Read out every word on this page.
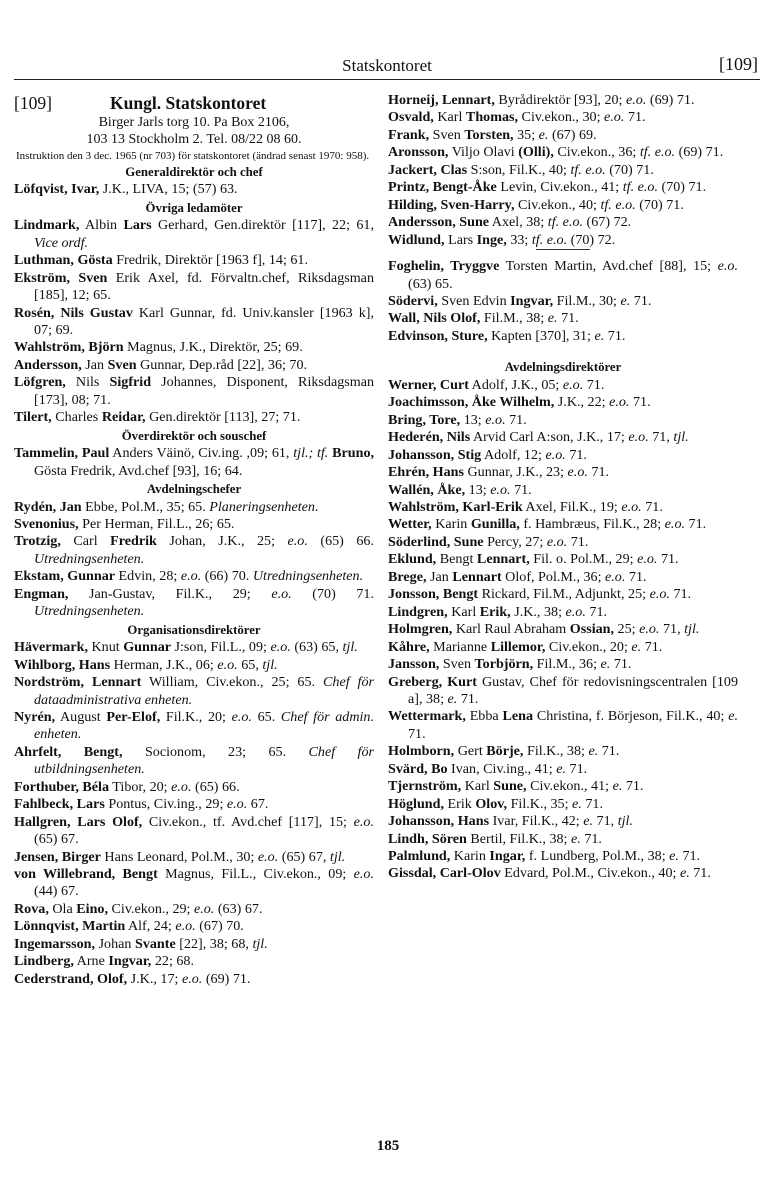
Statskontoret	[109]

[109]	Kungl. Statskontoret

Birger Jarls torg 10. Pa Box 2106,

103 13 Stockholm 2. Tel. 08/22 08 60.

Instruktion den 3 dec. 1965 (nr 703) för statskontoret (ändrad senast 1970: 958).

Generaldirektör och chef

Löfqvist, Ivar, J.K., LIVA, 15; (57) 63.

Övriga ledamöter

Lindmark, Albin Lars Gerhard, Gen.direktör [117], 22; 61, Vice ordf.

Luthman, Gösta Fredrik, Direktör [1963 f], 14; 61.

Ekström, Sven Erik Axel, fd. Förvaltn.chef, Riksdagsman [185], 12; 65.

Rosén, Nils Gustav Karl Gunnar, fd. Univ.kansler [1963 k], 07; 69.

Wahlström, Björn Magnus, J.K., Direktör, 25; 69.

Andersson, Jan Sven Gunnar, Dep.råd [22], 36; 70.

Löfgren, Nils Sigfrid Johannes, Disponent, Riksdagsman [173], 08; 71.

Tilert, Charles Reidar, Gen.direktör [113], 27; 71.

Överdirektör och souschef

Tammelin, Paul Anders Väinö, Civ.ing. ,09; 61, tjl.; tf. Bruno, Gösta Fredrik, Avd.chef [93], 16; 64.

Avdelningschefer

Rydén, Jan Ebbe, Pol.M., 35; 65. Planeringsenheten.

Svenonius, Per Herman, Fil.L., 26; 65.

Trotzig, Carl Fredrik Johan, J.K., 25; e.o. (65) 66. Utredningsenheten.

Ekstam, Gunnar Edvin, 28; e.o. (66) 70. Utredningsenheten.

Engman, Jan-Gustav, Fil.K., 29; e.o. (70) 71. Utredningsenheten.

Organisationsdirektörer

Hävermark, Knut Gunnar J:son, Fil.L., 09; e.o. (63) 65, tjl.

Wihlborg, Hans Herman, J.K., 06; e.o. 65, tjl.

Nordström, Lennart William, Civ.ekon., 25; 65. Chef för dataadministrativa enheten.

Nyrén, August Per-Elof, Fil.K., 20; e.o. 65. Chef för admin. enheten.

Ahrfelt, Bengt, Socionom, 23; 65. Chef för utbildningsenheten.

Forthuber, Béla Tibor, 20; e.o. (65) 66.

Fahlbeck, Lars Pontus, Civ.ing., 29; e.o. 67.

Hallgren, Lars Olof, Civ.ekon., tf. Avd.chef [117], 15; e.o. (65) 67.

Jensen, Birger Hans Leonard, Pol.M., 30; e.o. (65) 67, tjl.

von Willebrand, Bengt Magnus, Fil.L., Civ.ekon., 09; e.o. (44) 67.

Rova, Ola Eino, Civ.ekon., 29; e.o. (63) 67.

Lönnqvist, Martin Alf, 24; e.o. (67) 70.

Ingemarsson, Johan Svante [22], 38; 68, tjl.

Lindberg, Arne Ingvar, 22; 68.

Cederstrand, Olof, J.K., 17; e.o. (69) 71.

Horneij, Lennart, Byrådirektör [93], 20; e.o. (69) 71.

Osvald, Karl Thomas, Civ.ekon., 30; e.o. 71.

Frank, Sven Torsten, 35; e. (67) 69.

Aronsson, Viljo Olavi (Olli), Civ.ekon., 36; tf. e.o. (69) 71.

Jackert, Clas S:son, Fil.K., 40; tf. e.o. (70) 71.

Printz, Bengt-Åke Levin, Civ.ekon., 41; tf. e.o. (70) 71.

Hilding, Sven-Harry, Civ.ekon., 40; tf. e.o. (70) 71.

Andersson, Sune Axel, 38; tf. e.o. (67) 72.

Widlund, Lars Inge, 33; tf. e.o. (70) 72.

Foghelin, Tryggve Torsten Martin, Avd.chef [88], 15; e.o. (63) 65.

Södervi, Sven Edvin Ingvar, Fil.M., 30; e. 71.

Wall, Nils Olof, Fil.M., 38; e. 71.

Edvinson, Sture, Kapten [370], 31; e. 71.

Avdelningsdirektörer

Werner, Curt Adolf, J.K., 05; e.o. 71.

Joachimsson, Åke Wilhelm, J.K., 22; e.o. 71.

Bring, Tore, 13; e.o. 71.

Hederén, Nils Arvid Carl A:son, J.K., 17; e.o. 71, tjl.

Johansson, Stig Adolf, 12; e.o. 71.

Ehrén, Hans Gunnar, J.K., 23; e.o. 71.

Wallén, Åke, 13; e.o. 71.

Wahlström, Karl-Erik Axel, Fil.K., 19; e.o. 71.

Wetter, Karin Gunilla, f. Hambræus, Fil.K., 28; e.o. 71.

Söderlind, Sune Percy, 27; e.o. 71.

Eklund, Bengt Lennart, Fil. o. Pol.M., 29; e.o. 71.

Brege, Jan Lennart Olof, Pol.M., 36; e.o. 71.

Jonsson, Bengt Rickard, Fil.M., Adjunkt, 25; e.o. 71.

Lindgren, Karl Erik, J.K., 38; e.o. 71.

Holmgren, Karl Raul Abraham Ossian, 25; e.o. 71, tjl.

Kåhre, Marianne Lillemor, Civ.ekon., 20; e. 71.

Jansson, Sven Torbjörn, Fil.M., 36; e. 71.

Greberg, Kurt Gustav, Chef för redovisningscentralen [109 a], 38; e. 71.

Wettermark, Ebba Lena Christina, f. Börjeson, Fil.K., 40; e. 71.

Holmborn, Gert Börje, Fil.K., 38; e. 71.

Svärd, Bo Ivan, Civ.ing., 41; e. 71.

Tjernström, Karl Sune, Civ.ekon., 41; e. 71.

Höglund, Erik Olov, Fil.K., 35; e. 71.

Johansson, Hans Ivar, Fil.K., 42; e. 71, tjl.

Lindh, Sören Bertil, Fil.K., 38; e. 71.

Palmlund, Karin Ingar, f. Lundberg, Pol.M., 38; e. 71.

Gissdal, Carl-Olov Edvard, Pol.M., Civ.ekon., 40; e. 71.

185
